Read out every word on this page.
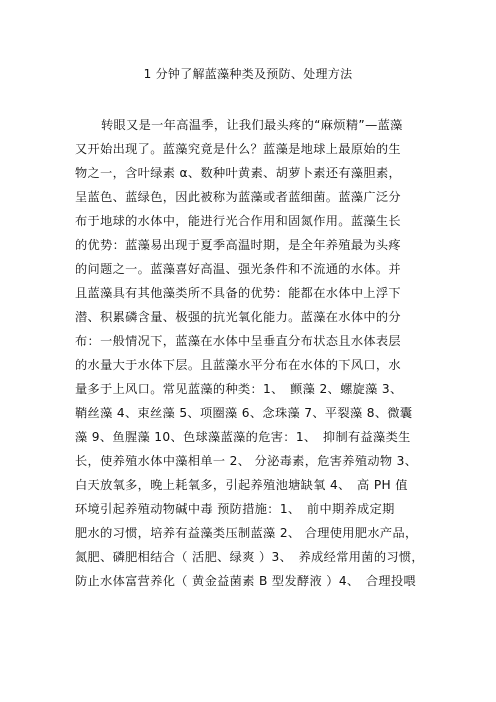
1 分钟了解蓝藻种类及预防、处理方法
转眼又是一年高温季，让我们最头疼的“麻烦精”—蓝藻
又开始出现了。蓝藻究竟是什么？蓝藻是地球上最原始的生
物之一，含叶绿素 α、数种叶黄素、胡萝卜素还有藻胆素，
呈蓝色、蓝绿色，因此被称为蓝藻或者蓝细菌。蓝藻广泛分
布于地球的水体中，能进行光合作用和固氮作用。蓝藻生长
的优势：蓝藻易出现于夏季高温时期，是全年养殖最为头疼
的问题之一。蓝藻喜好高温、强光条件和不流通的水体。并
且蓝藻具有其他藻类所不具备的优势：能都在水体中上浮下
潜、积累磷含量、极强的抗光氧化能力。蓝藻在水体中的分
布：一般情况下，蓝藻在水体中呈垂直分布状态且水体表层
的水量大于水体下层。且蓝藻水平分布在水体的下风口，水
量多于上风口。常见蓝藻的种类：1、　颤藻 2、螺旋藻 3、
鞘丝藻 4、束丝藻 5、项圈藻 6、念珠藻 7、平裂藻 8、微囊
藻 9、鱼腥藻 10、色球藻蓝藻的危害：1、　抑制有益藻类生
长，使养殖水体中藻相单一 2、 分泌毒素，危害养殖动物 3、
白天放氧多，晚上耗氧多，引起养殖池塘缺氧 4、　高 PH 值
环境引起养殖动物碱中毒 预防措施：1、　前中期养成定期
肥水的习惯，培养有益藻类压制蓝藻 2、 合理使用肥水产品，
氮肥、磷肥相结合（ 活肥、绿爽 ）3、　养成经常用菌的习惯，
防止水体富营养化（ 黄金益菌素 B 型发酵液 ）4、　合理投喂
